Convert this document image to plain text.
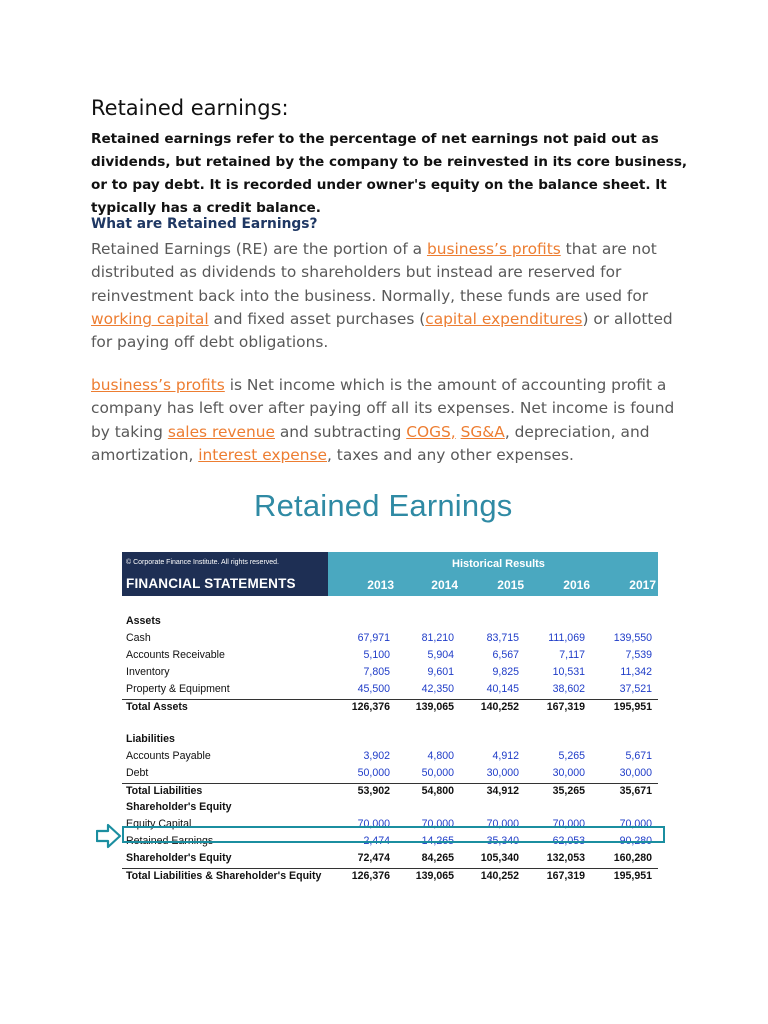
Retained earnings:
Retained earnings refer to the percentage of net earnings not paid out as dividends, but retained by the company to be reinvested in its core business, or to pay debt. It is recorded under owner's equity on the balance sheet. It typically has a credit balance.
What are Retained Earnings?
Retained Earnings (RE) are the portion of a business’s profits that are not distributed as dividends to shareholders but instead are reserved for reinvestment back into the business. Normally, these funds are used for working capital and fixed asset purchases (capital expenditures) or allotted for paying off debt obligations.
business’s profits is Net income which is the amount of accounting profit a company has left over after paying off all its expenses. Net income is found by taking sales revenue and subtracting COGS, SG&A, depreciation, and amortization, interest expense, taxes and any other expenses.
Retained Earnings
© Corporate Finance Institute. All rights reserved.
FINANCIAL STATEMENTS
Historical Results
2013	2014	2015	2016	2017
Assets
Cash	67,971	81,210	83,715	111,069	139,550
Accounts Receivable	5,100	5,904	6,567	7,117	7,539
Inventory	7,805	9,601	9,825	10,531	11,342
Property & Equipment	45,500	42,350	40,145	38,602	37,521
Total Assets	126,376	139,065	140,252	167,319	195,951
Liabilities
Accounts Payable	3,902	4,800	4,912	5,265	5,671
Debt	50,000	50,000	30,000	30,000	30,000
Total Liabilities	53,902	54,800	34,912	35,265	35,671
Shareholder's Equity
Equity Capital	70,000	70,000	70,000	70,000	70,000
Retained Earnings	2,474	14,265	35,340	62,053	90,280
Shareholder's Equity	72,474	84,265	105,340	132,053	160,280
Total Liabilities & Shareholder's Equity	126,376	139,065	140,252	167,319	195,951
